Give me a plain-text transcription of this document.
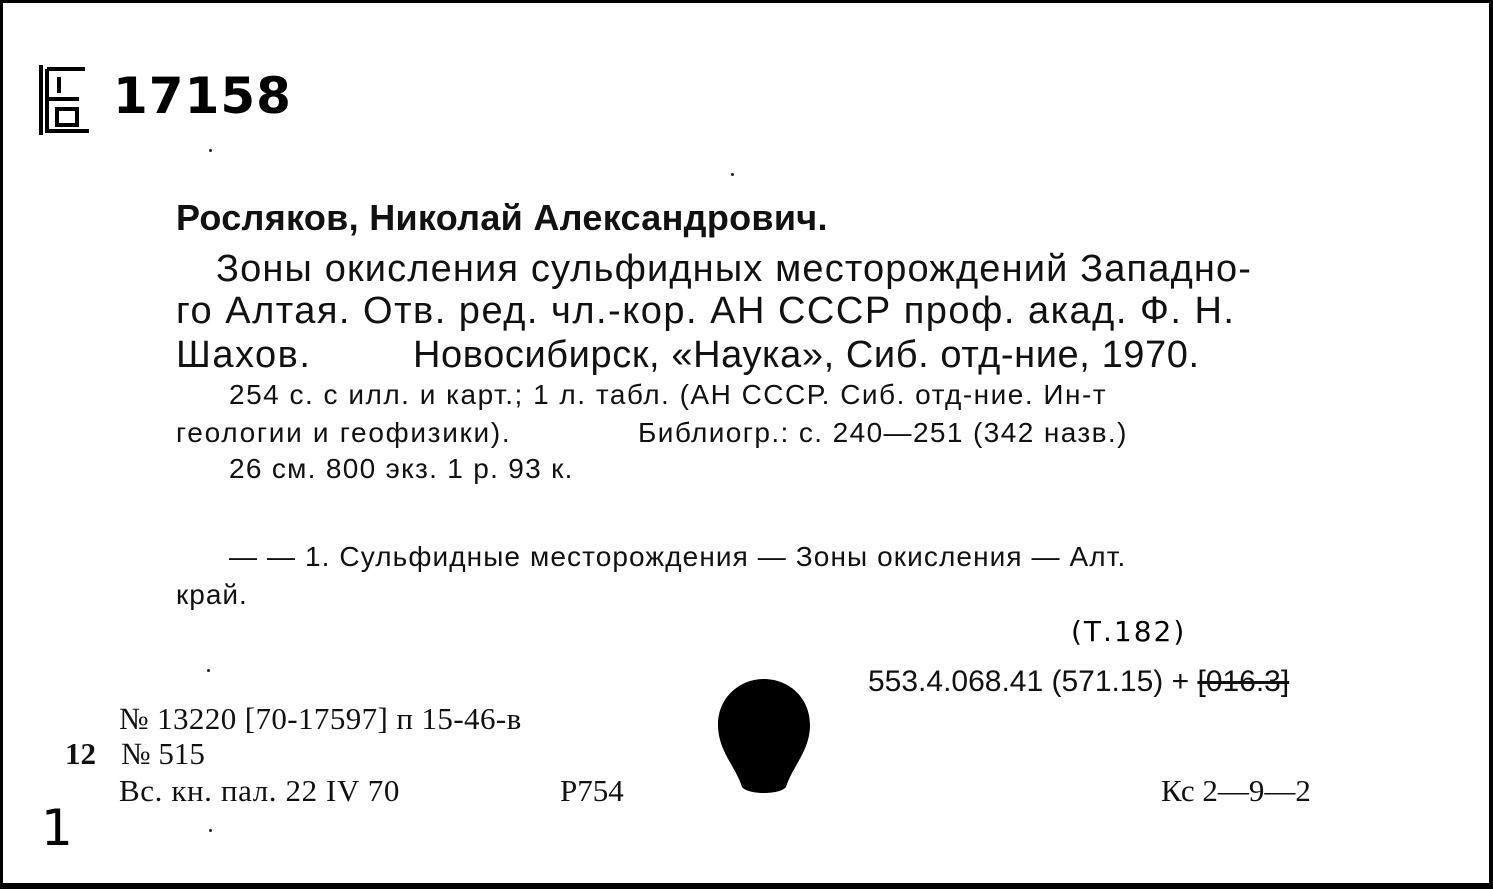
17158
Росляков, Николай Александрович.
Зоны окисления сульфидных месторождений Западно-
го Алтая. Отв. ред. чл.-кор. АН СССР проф. акад. Ф. Н.
Шахов.	Новосибирск, «Наука», Сиб. отд-ние, 1970.
254 с. с илл. и карт.; 1 л. табл. (АН СССР. Сиб. отд-ние. Ин-т
геологии и геофизики).	Библиогр.: с. 240—251 (342 назв.)
26 см. 800 экз. 1 р. 93 к.
— — 1. Сульфидные месторождения — Зоны окисления — Алт.
край.
(Т.182)
553.4.068.41 (571.15) + [016.3]
№ 13220 [70-17597] п 15-46-в
12 № 515
Вс. кн. пал. 22 IV 70	Р754	Кс 2—9—2
1
